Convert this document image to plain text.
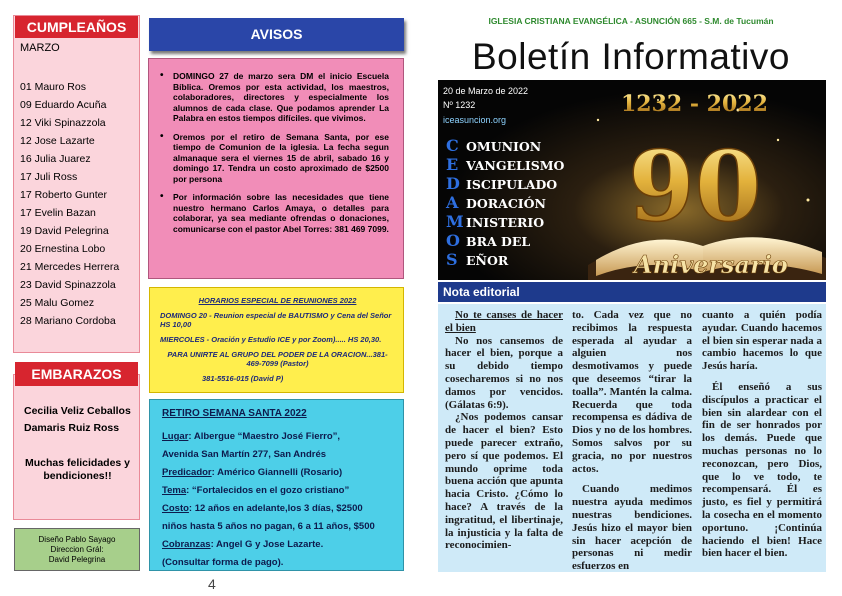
CUMPLEAÑOS
MARZO
01 Mauro Ros
09 Eduardo Acuña
12 Viki Spinazzola
12 Jose Lazarte
16 Julia Juarez
17 Juli Ross
17 Roberto Gunter
17 Evelin Bazan
19 David Pelegrina
20 Ernestina Lobo
21 Mercedes Herrera
23 David Spinazzola
25 Malu Gomez
28 Mariano Cordoba
EMBARAZOS
Cecilia Veliz Ceballos
Damaris Ruiz Ross
Muchas felicidades y bendiciones!!
Diseño Pablo Sayago
Direccion Grál:
David Pelegrina
4
AVISOS
• DOMINGO 27 de marzo sera DM el inicio Escuela Bíblica. Oremos por esta actividad, los maestros, colaboradores, directores y especialmente los alumnos de cada clase. Que podamos aprender La Palabra en estos tiempos difíciles. que vivimos.
• Oremos por el retiro de Semana Santa, por ese tiempo de Comunion de la iglesia. La fecha segun almanaque sera el viernes 15 de abril, sabado 16 y domingo 17. Tendra un costo aproximado de $2500 por persona
• Por información sobre las necesidades que tiene nuestro hermano Carlos Amaya, o detalles para colaborar, ya sea mediante ofrendas o donaciones, comunicarse con el pastor Abel Torres: 381 469 7099.
HORARIOS ESPECIAL DE REUNIONES 2022

DOMINGO 20 - Reunion especial de BAUTISMO y Cena del Señor HS 10,00

MIERCOLES - Oración y Estudio ICE y por Zoom)..... HS 20,30.

PARA UNIRTE AL GRUPO DEL PODER DE LA ORACION...381-469-7099 (Pastor)

381-5516-015 (David P)

RETIRO SEMANA SANTA 2022

Lugar: Albergue “Maestro José Fierro”,

Avenida San Martín 277, San Andrés

Predicador: Américo Giannelli (Rosario)

Tema: “Fortalecidos en el gozo cristiano”

Costo: 12 años en adelante,los 3 días, $2500

niños hasta 5 años no pagan, 6 a 11 años, $500

Cobranzas: Angel G y Jose Lazarte.

(Consultar forma de pago).

IGLESIA CRISTIANA EVANGÉLICA - ASUNCIÓN 665 - S.M. de Tucumán
Boletín Informativo
1232 - 2022
90
Aniversario
20 de Marzo de 2022
Nº 1232
iceasuncion.org
C OMUNION
E VANGELISMO
D ISCIPULADO
A DORACIÓN
M INISTERIO
O BRA DEL
S EÑOR
Nota editorial

No te canses de hacer el bien

No nos cansemos de hacer el bien, porque a su debido tiempo cosecharemos si no nos damos por vencidos. (Gálatas 6:9).

¿Nos podemos cansar de hacer el bien? Esto puede parecer extraño, pero sí que podemos. El mundo oprime toda buena acción que apunta hacia Cristo. ¿Cómo lo hace? A través de la ingratitud, el libertinaje, la injusticia y la falta de reconocimien-

to. Cada vez que no recibimos la respuesta esperada al ayudar a alguien nos desmotivamos y puede que deseemos “tirar la toalla”. Mantén la calma. Recuerda que toda recompensa es dádiva de Dios y no de los hombres. Somos salvos por su gracia, no por nuestros actos.

Cuando medimos nuestra ayuda medimos nuestras bendiciones. Jesús hizo el mayor bien sin hacer acepción de personas ni medir esfuerzos en

cuanto a quién podía ayudar. Cuando hacemos el bien sin esperar nada a cambio hacemos lo que Jesús haría.

Él enseñó a sus discípulos a practicar el bien sin alardear con el fin de ser honrados por los demás. Puede que muchas personas no lo reconozcan, pero Dios, que lo ve todo, te recompensará. Él es justo, es fiel y permitirá la cosecha en el momento oportuno. ¡Continúa haciendo el bien! Hace bien hacer el bien.
